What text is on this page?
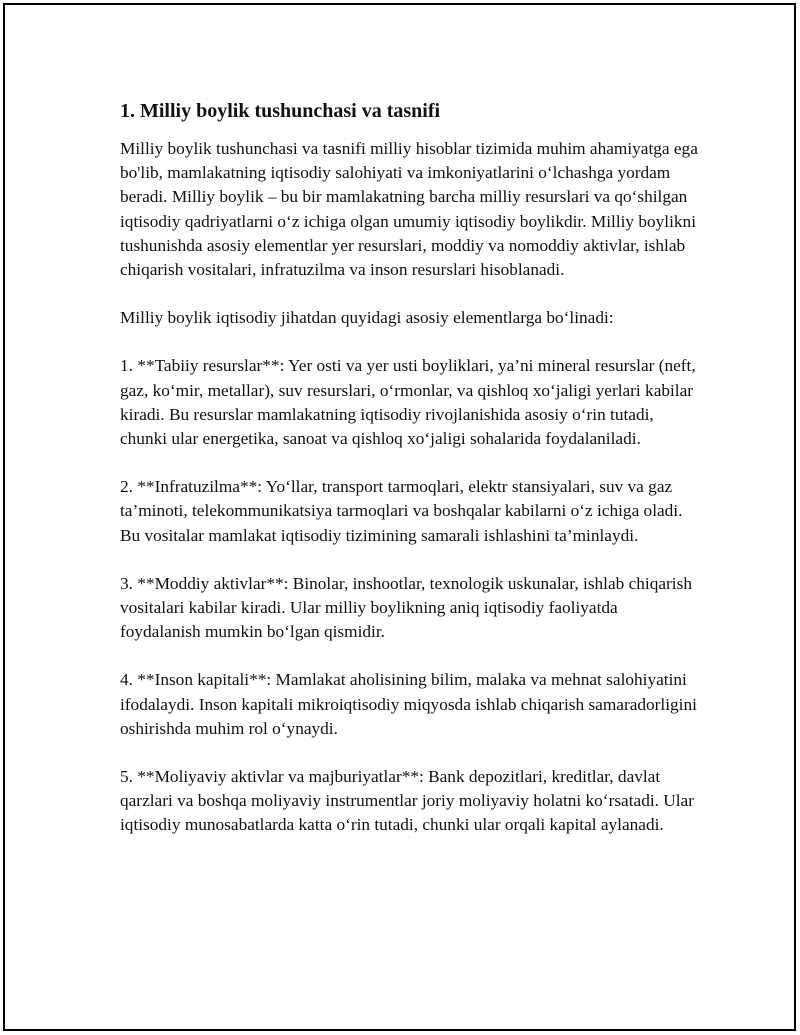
1. Milliy boylik tushunchasi va tasnifi

Milliy boylik tushunchasi va tasnifi milliy hisoblar tizimida muhim ahamiyatga ega bo'lib, mamlakatning iqtisodiy salohiyati va imkoniyatlarini o‘lchashga yordam beradi. Milliy boylik – bu bir mamlakatning barcha milliy resurslari va qo‘shilgan iqtisodiy qadriyatlarni o‘z ichiga olgan umumiy iqtisodiy boylikdir. Milliy boylikni tushunishda asosiy elementlar yer resurslari, moddiy va nomoddiy aktivlar, ishlab chiqarish vositalari, infratuzilma va inson resurslari hisoblanadi.

Milliy boylik iqtisodiy jihatdan quyidagi asosiy elementlarga bo‘linadi:

1. **Tabiiy resurslar**: Yer osti va yer usti boyliklari, ya’ni mineral resurslar (neft, gaz, ko‘mir, metallar), suv resurslari, o‘rmonlar, va qishloq xo‘jaligi yerlari kabilar kiradi. Bu resurslar mamlakatning iqtisodiy rivojlanishida asosiy o‘rin tutadi, chunki ular energetika, sanoat va qishloq xo‘jaligi sohalarida foydalaniladi.

2. **Infratuzilma**: Yo‘llar, transport tarmoqlari, elektr stansiyalari, suv va gaz ta’minoti, telekommunikatsiya tarmoqlari va boshqalar kabilarni o‘z ichiga oladi. Bu vositalar mamlakat iqtisodiy tizimining samarali ishlashini ta’minlaydi.

3. **Moddiy aktivlar**: Binolar, inshootlar, texnologik uskunalar, ishlab chiqarish vositalari kabilar kiradi. Ular milliy boylikning aniq iqtisodiy faoliyatda foydalanish mumkin bo‘lgan qismidir.

4. **Inson kapitali**: Mamlakat aholisining bilim, malaka va mehnat salohiyatini ifodalaydi. Inson kapitali mikroiqtisodiy miqyosda ishlab chiqarish samaradorligini oshirishda muhim rol o‘ynaydi.

5. **Moliyaviy aktivlar va majburiyatlar**: Bank depozitlari, kreditlar, davlat qarzlari va boshqa moliyaviy instrumentlar joriy moliyaviy holatni ko‘rsatadi. Ular iqtisodiy munosabatlarda katta o‘rin tutadi, chunki ular orqali kapital aylanadi.
